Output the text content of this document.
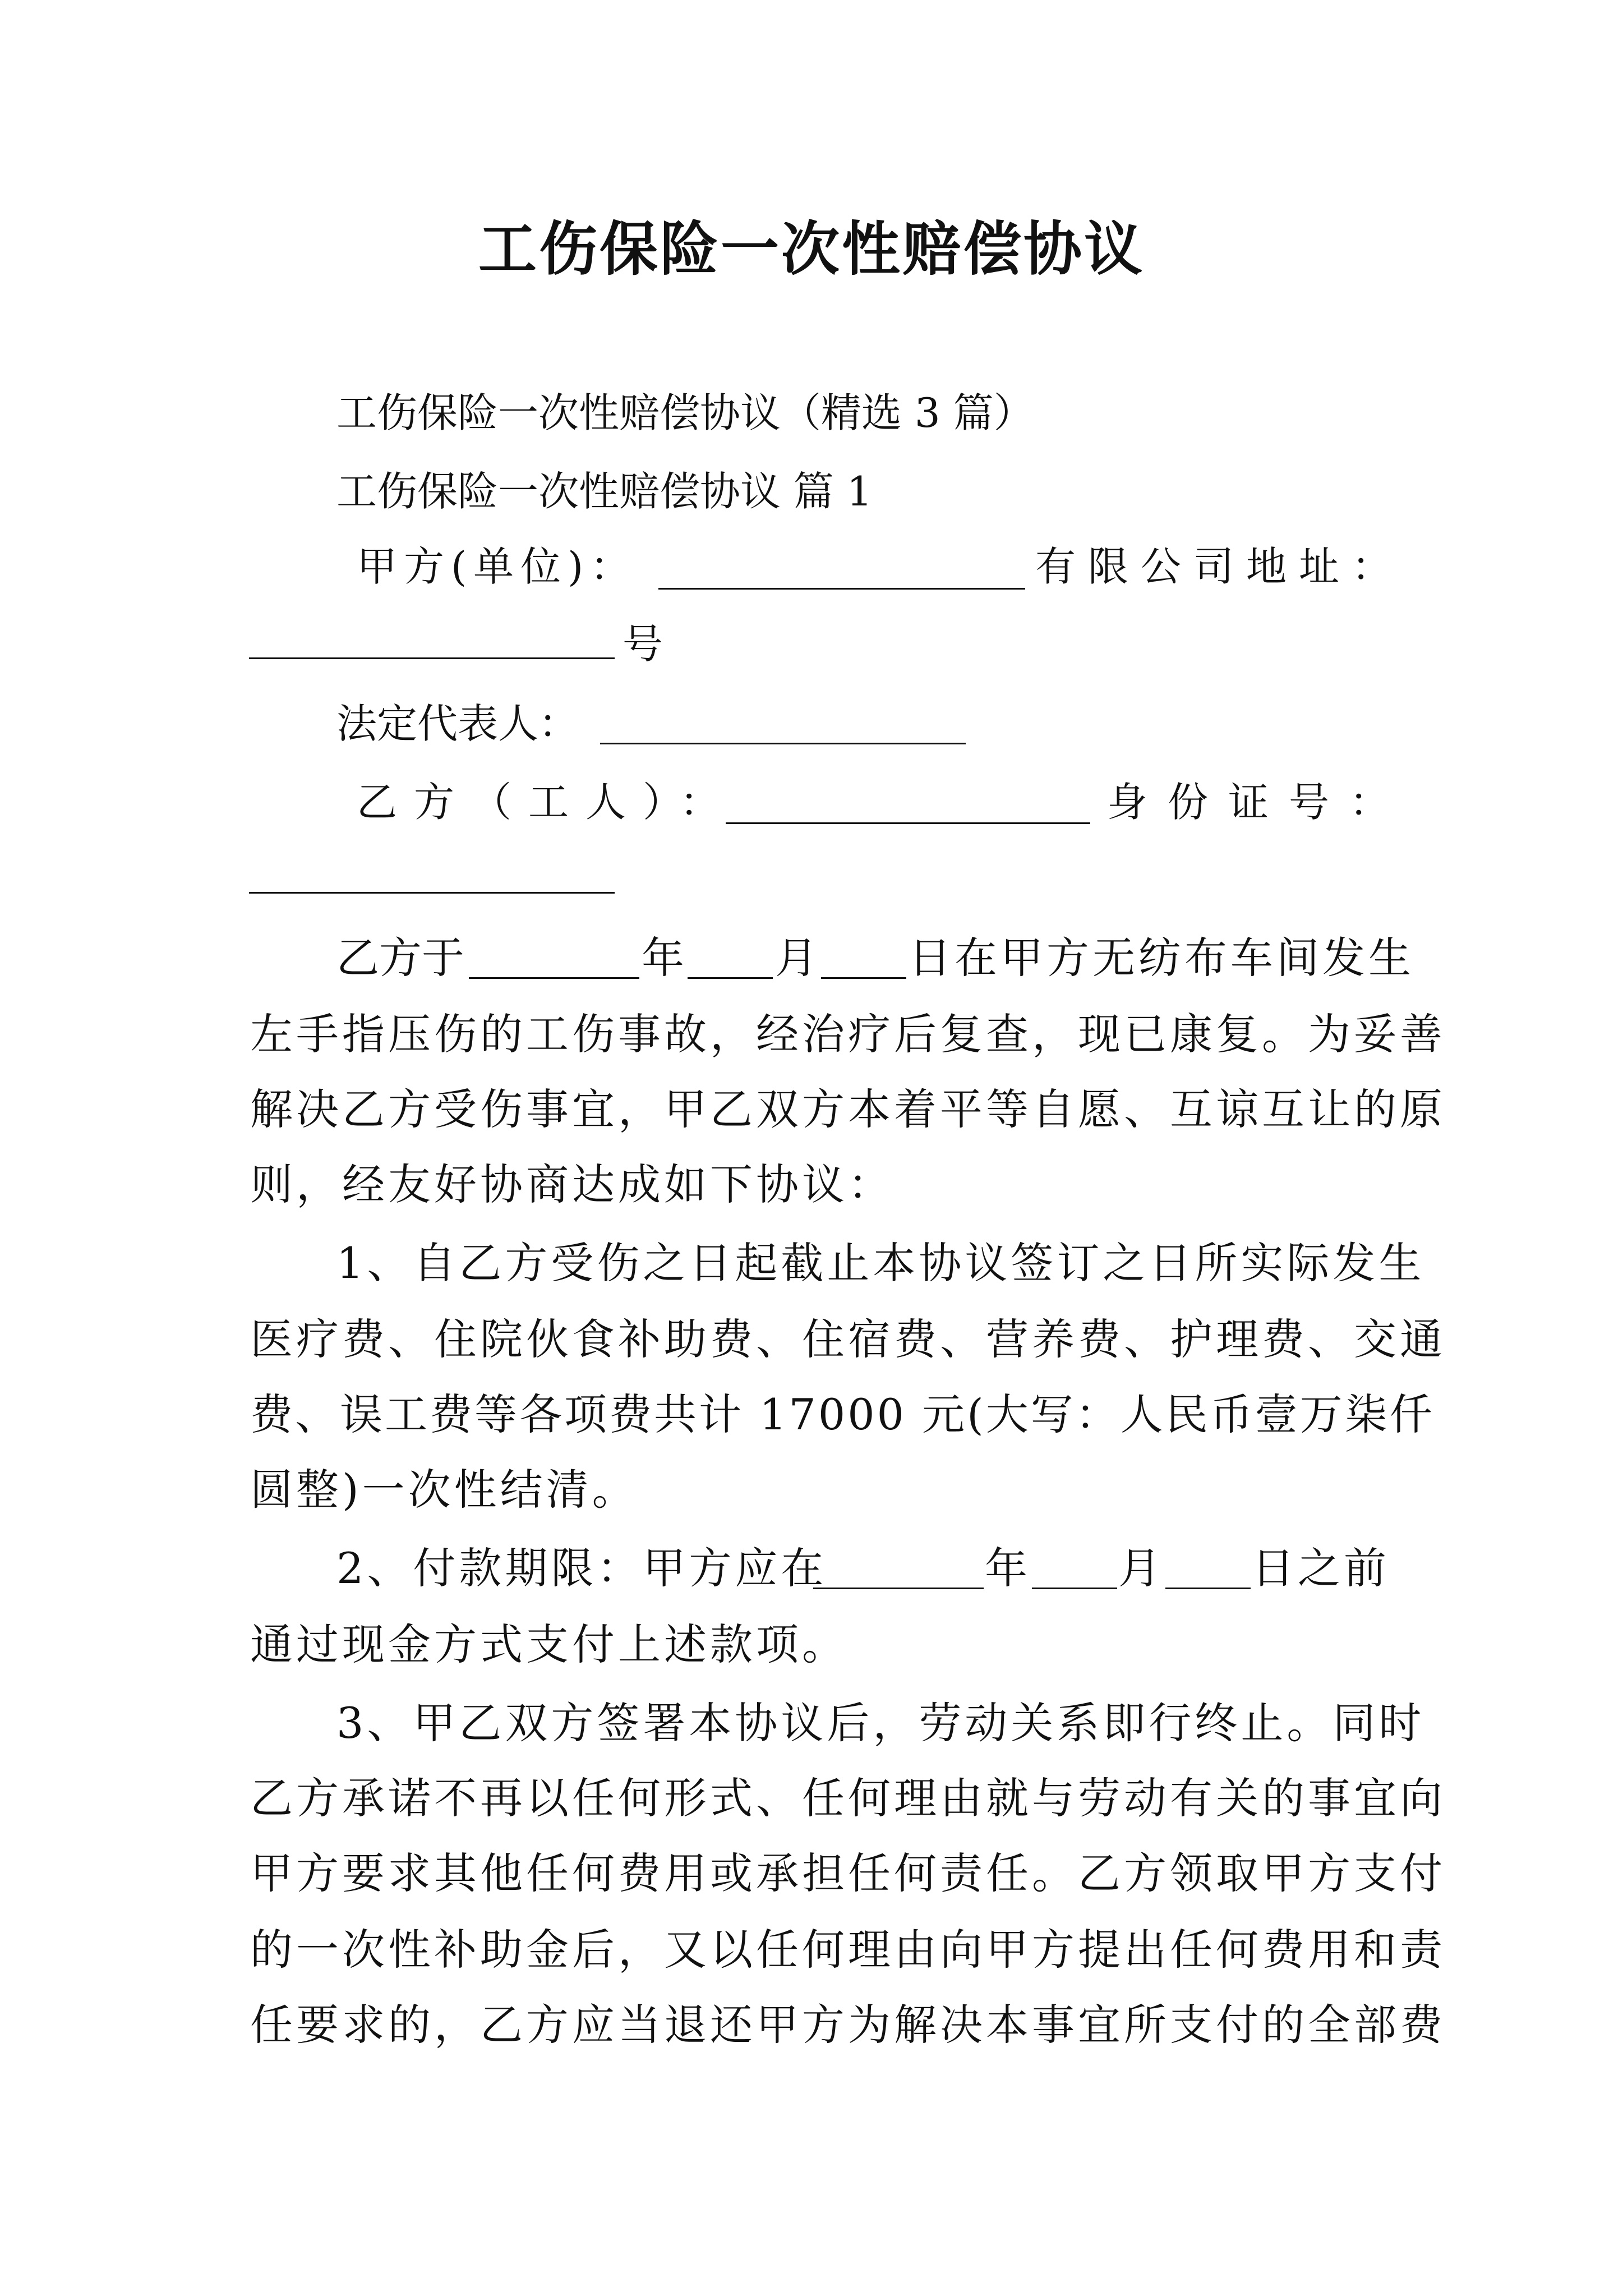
工伤保险一次性赔偿协议
工伤保险一次性赔偿协议（精选 3 篇）
工伤保险一次性赔偿协议 篇 1
甲方(单位)：	有限公司地址：
号
法定代表人：
乙方（工人）：	身份证号：
乙方于	年 月 日在甲方无纺布车间发生
左手指压伤的工伤事故，经治疗后复查，现已康复。为妥善
解决乙方受伤事宜，甲乙双方本着平等自愿、互谅互让的原
则，经友好协商达成如下协议：
1、自乙方受伤之日起截止本协议签订之日所实际发生
医疗费、住院伙食补助费、住宿费、营养费、护理费、交通
费、误工费等各项费共计 17000 元(大写：人民币壹万柒仟
圆整)一次性结清。
2、付款期限：甲方应在	年 月 日之前
通过现金方式支付上述款项。
3、甲乙双方签署本协议后，劳动关系即行终止。同时
乙方承诺不再以任何形式、任何理由就与劳动有关的事宜向
甲方要求其他任何费用或承担任何责任。乙方领取甲方支付
的一次性补助金后，又以任何理由向甲方提出任何费用和责
任要求的，乙方应当退还甲方为解决本事宜所支付的全部费
